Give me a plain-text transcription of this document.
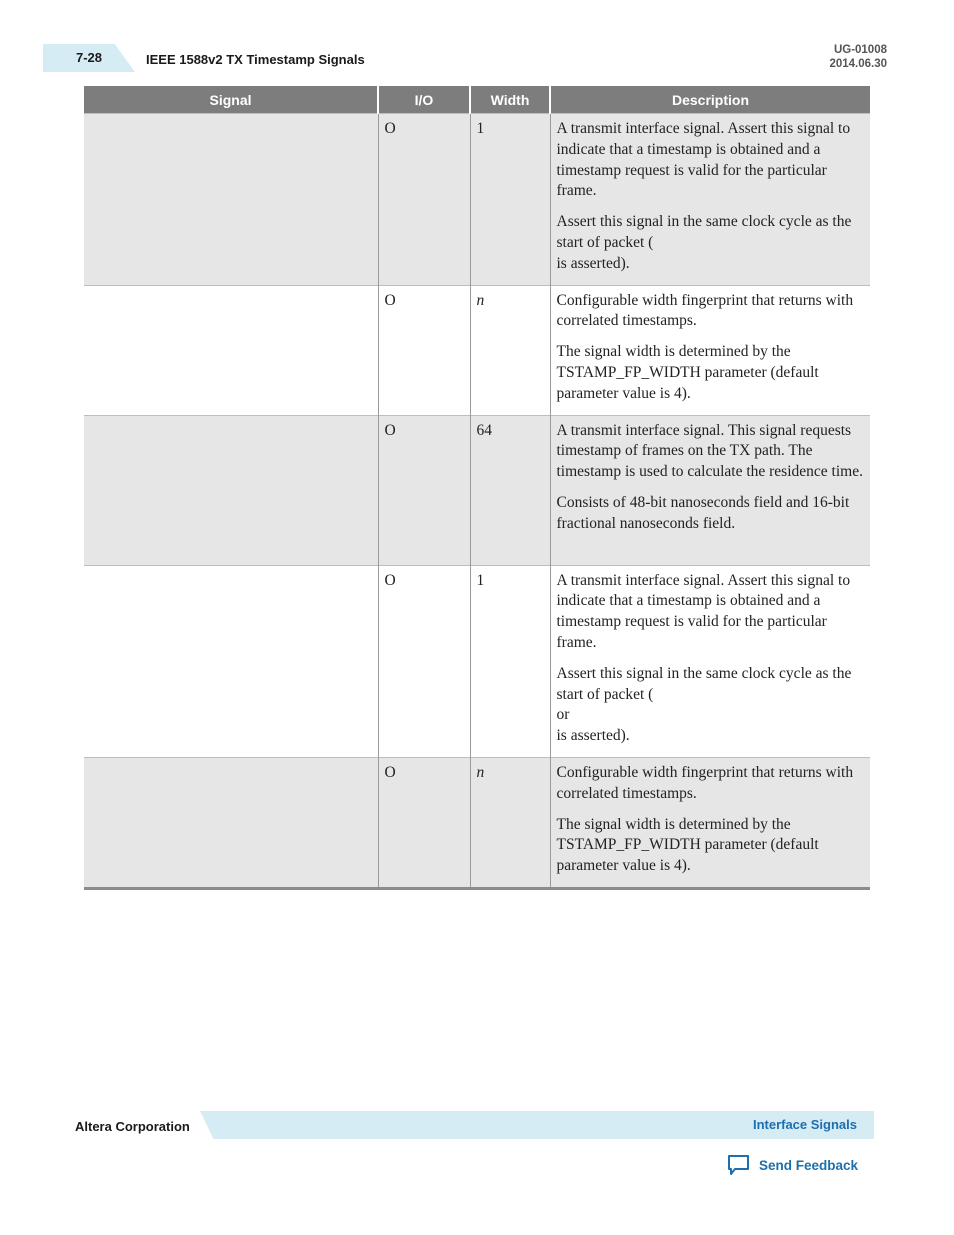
7-28	IEEE 1588v2 TX Timestamp Signals
UG-01008
2014.06.30
Signal	I/O	Width	Description
	O	1	A transmit interface signal. Assert this signal to indicate that a timestamp is obtained and a timestamp request is valid for the particular frame.

Assert this signal in the same clock cycle as the start of packet (
is asserted).

	O	n	Configurable width fingerprint that returns with correlated timestamps.

The signal width is determined by the TSTAMP_FP_WIDTH parameter (default parameter value is 4).

	O	64	A transmit interface signal. This signal requests timestamp of frames on the TX path. The timestamp is used to calculate the residence time.

Consists of 48-bit nanoseconds field and 16-bit fractional nanoseconds field.

	O	1	A transmit interface signal. Assert this signal to indicate that a timestamp is obtained and a timestamp request is valid for the particular frame.

Assert this signal in the same clock cycle as the start of packet (
or
is asserted).

	O	n	Configurable width fingerprint that returns with correlated timestamps.

The signal width is determined by the TSTAMP_FP_WIDTH parameter (default parameter value is 4).

Altera Corporation	Interface Signals
Send Feedback
